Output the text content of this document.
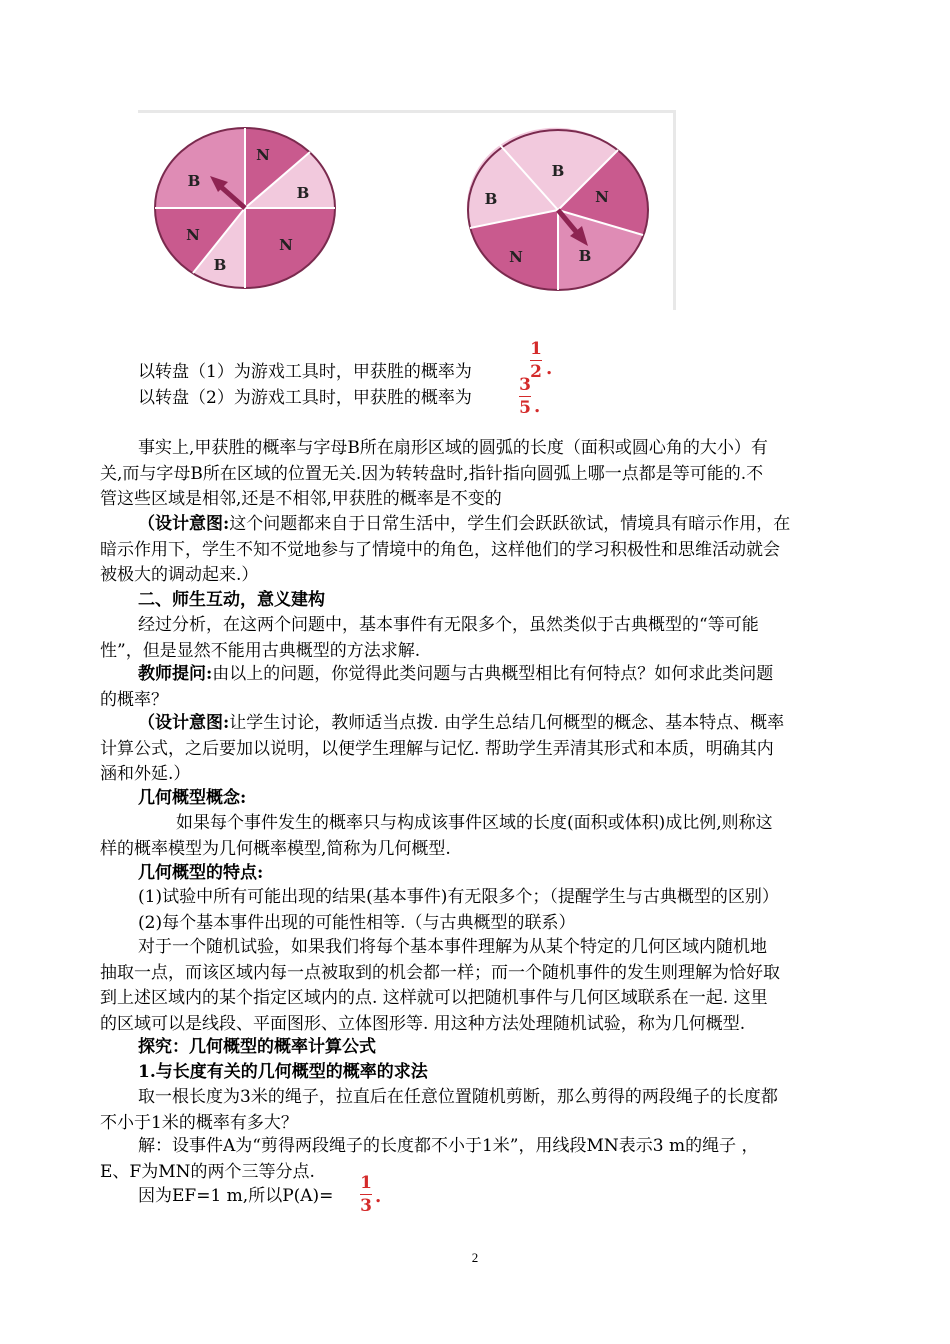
N
B
B
N
B
N
B
N
B
B
N
以转盘（1）为游戏工具时，甲获胜的概率为
1
2 .
以转盘（2）为游戏工具时，甲获胜的概率为
3
5 .
事实上,甲获胜的概率与字母B所在扇形区域的圆弧的长度（面积或圆心角的大小）有
关,而与字母B所在区域的位置无关.因为转转盘时,指针指向圆弧上哪一点都是等可能的.不
管这些区域是相邻,还是不相邻,甲获胜的概率是不变的
（设计意图:这个问题都来自于日常生活中，学生们会跃跃欲试，情境具有暗示作用，在
暗示作用下，学生不知不觉地参与了情境中的角色，这样他们的学习积极性和思维活动就会
被极大的调动起来.）
二、师生互动，意义建构
经过分析，在这两个问题中，基本事件有无限多个，虽然类似于古典概型的“等可能
性”，但是显然不能用古典概型的方法求解.
教师提问:由以上的问题，你觉得此类问题与古典概型相比有何特点？如何求此类问题
的概率？
（设计意图:让学生讨论，教师适当点拨. 由学生总结几何概型的概念、基本特点、概率
计算公式，之后要加以说明，以便学生理解与记忆. 帮助学生弄清其形式和本质，明确其内
涵和外延.）
几何概型概念:
如果每个事件发生的概率只与构成该事件区域的长度(面积或体积)成比例,则称这
样的概率模型为几何概率模型,简称为几何概型.
几何概型的特点:
(1)试验中所有可能出现的结果(基本事件)有无限多个；（提醒学生与古典概型的区别）
(2)每个基本事件出现的可能性相等.（与古典概型的联系）
对于一个随机试验，如果我们将每个基本事件理解为从某个特定的几何区域内随机地
抽取一点，而该区域内每一点被取到的机会都一样；而一个随机事件的发生则理解为恰好取
到上述区域内的某个指定区域内的点. 这样就可以把随机事件与几何区域联系在一起. 这里
的区域可以是线段、平面图形、立体图形等. 用这种方法处理随机试验，称为几何概型.
探究：几何概型的概率计算公式
1.与长度有关的几何概型的概率的求法
取一根长度为3米的绳子，拉直后在任意位置随机剪断，那么剪得的两段绳子的长度都
不小于1米的概率有多大？
解：设事件A为“剪得两段绳子的长度都不小于1米”，用线段MN表示3 m的绳子 ，
E、F为MN的两个三等分点.
因为EF=1 m,所以P(A)=
1
3 .
2
